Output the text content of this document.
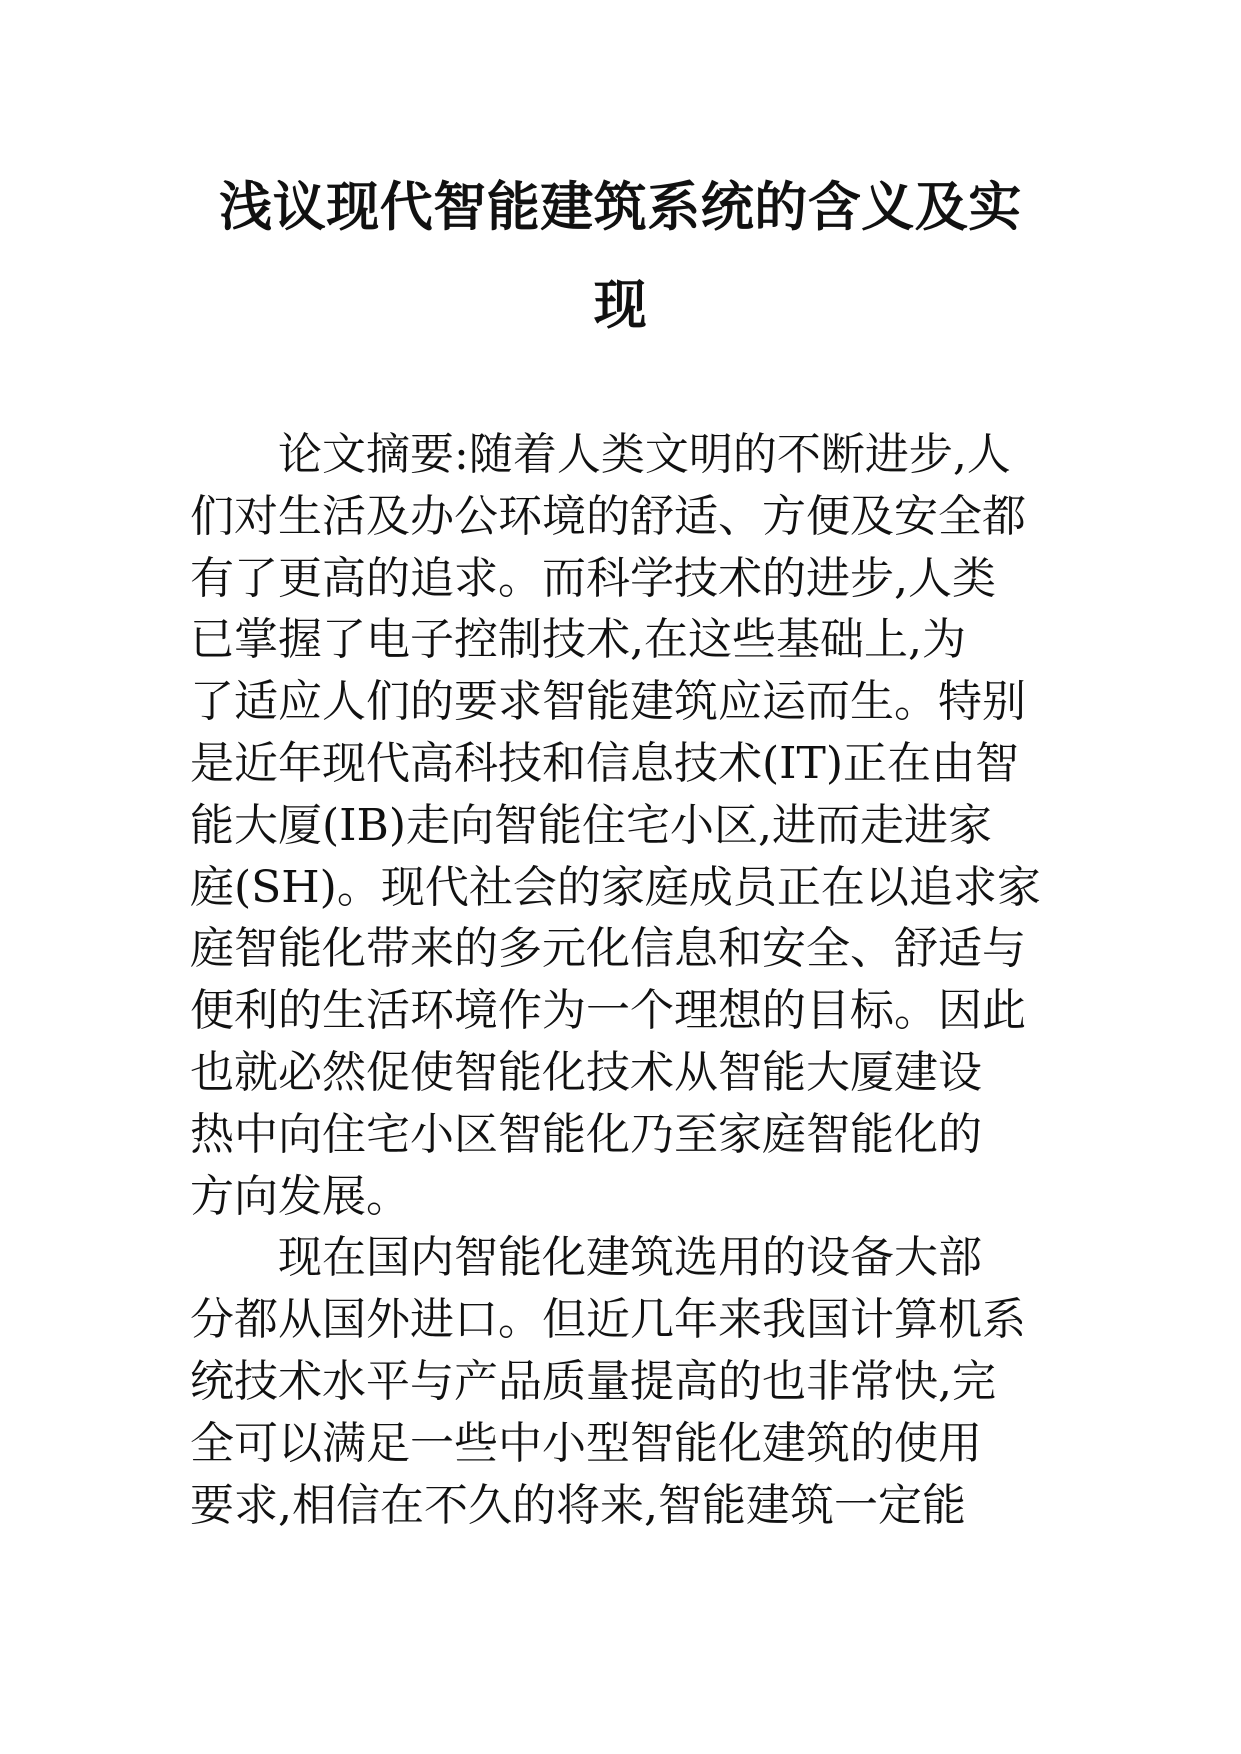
浅议现代智能建筑系统的含义及实
现
论文摘要:随着人类文明的不断进步,人
们对生活及办公环境的舒适、方便及安全都
有了更高的追求。而科学技术的进步,人类
已掌握了电子控制技术,在这些基础上,为
了适应人们的要求智能建筑应运而生。特别
是近年现代高科技和信息技术(IT)正在由智
能大厦(IB)走向智能住宅小区,进而走进家
庭(SH)。现代社会的家庭成员正在以追求家
庭智能化带来的多元化信息和安全、舒适与
便利的生活环境作为一个理想的目标。因此
也就必然促使智能化技术从智能大厦建设
热中向住宅小区智能化乃至家庭智能化的
方向发展。
现在国内智能化建筑选用的设备大部
分都从国外进口。但近几年来我国计算机系
统技术水平与产品质量提高的也非常快,完
全可以满足一些中小型智能化建筑的使用
要求,相信在不久的将来,智能建筑一定能
